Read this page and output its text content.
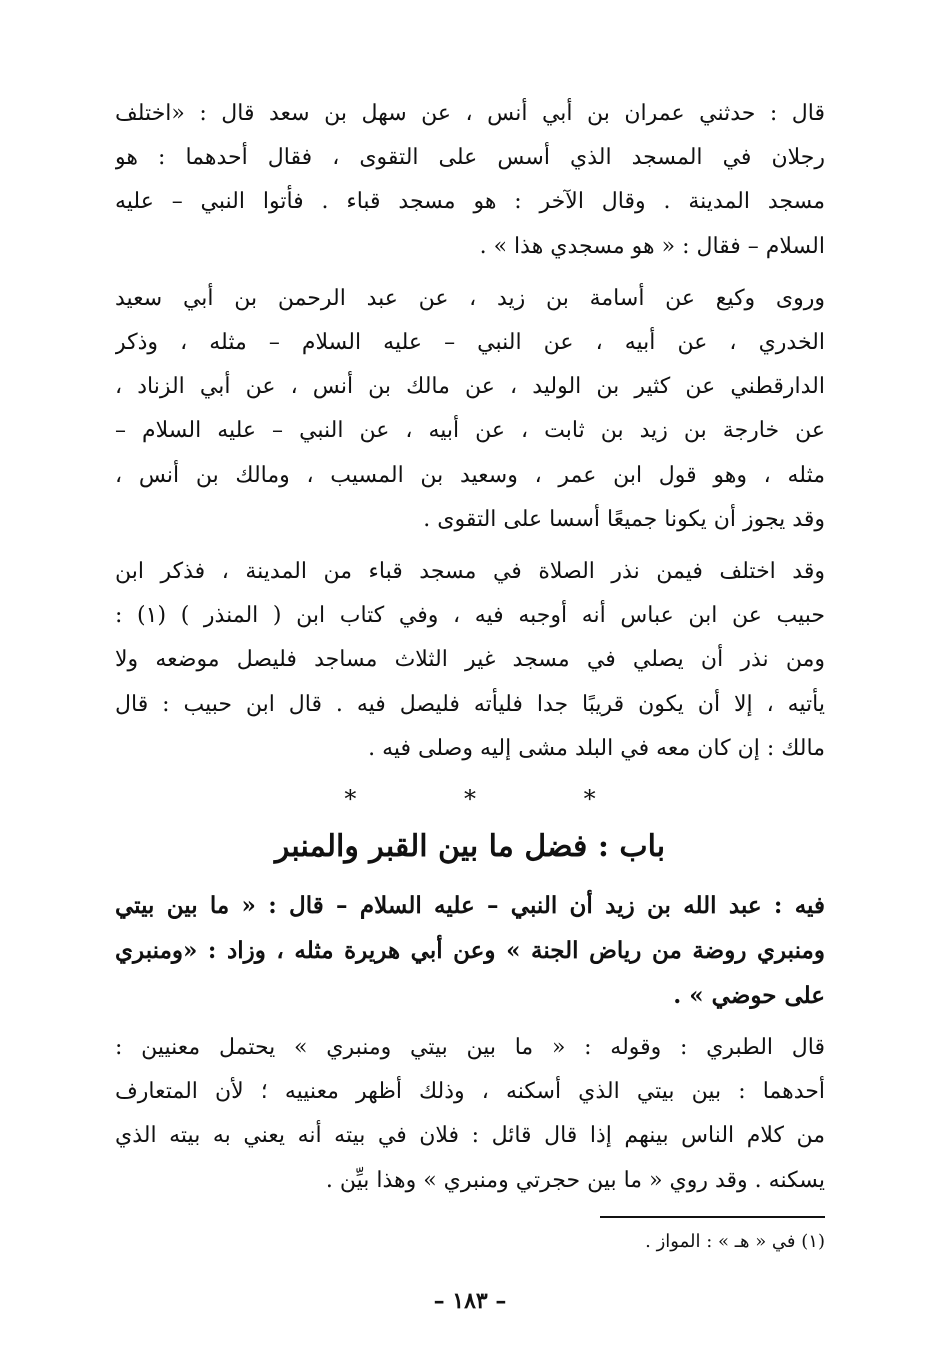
قال : حدثني عمران بن أبي أنس ، عن سهل بن سعد قال : «اختلف
رجلان في المسجد الذي أسس على التقوى ، فقال أحدهما : هو
مسجد المدينة . وقال الآخر : هو مسجد قباء . فأتوا النبي – عليه
السلام – فقال : « هو مسجدي هذا » .
وروى وكيع عن أسامة بن زيد ، عن عبد الرحمن بن أبي سعيد
الخدري ، عن أبيه ، عن النبي – عليه السلام – مثله ، وذكر
الدارقطني عن كثير بن الوليد ، عن مالك بن أنس ، عن أبي الزناد ،
عن خارجة بن زيد بن ثابت ، عن أبيه ، عن النبي – عليه السلام –
مثله ، وهو قول ابن عمر ، وسعيد بن المسيب ، ومالك بن أنس ،
وقد يجوز أن يكونا جميعًا أسسا على التقوى .
وقد اختلف فيمن نذر الصلاة في مسجد قباء من المدينة ، فذكر ابن
حبيب عن ابن عباس أنه أوجبه فيه ، وفي كتاب ابن ( المنذر ) (١) :
ومن نذر أن يصلي في مسجد غير الثلاث مساجد فليصل موضعه ولا
يأتيه ، إلا أن يكون قريبًا جدا فليأته فليصل فيه . قال ابن حبيب : قال
مالك : إن كان معه في البلد مشى إليه وصلى فيه .
* * *
باب : فضل ما بين القبر والمنبر
فيه : عبد الله بن زيد أن النبي – عليه السلام – قال : « ما بين بيتي
ومنبري روضة من رياض الجنة » وعن أبي هريرة مثله ، وزاد : «ومنبري
على حوضي » .
قال الطبري : وقوله : « ما بين بيتي ومنبري » يحتمل معنيين :
أحدهما : بين بيتي الذي أسكنه ، وذلك أظهر معنييه ؛ لأن المتعارف
من كلام الناس بينهم إذا قال قائل : فلان في بيته أنه يعني به بيته الذي
يسكنه . وقد روي « ما بين حجرتي ومنبري » وهذا بيِّن .
(١) في « هـ » : المواز .
– ١٨٣ –
